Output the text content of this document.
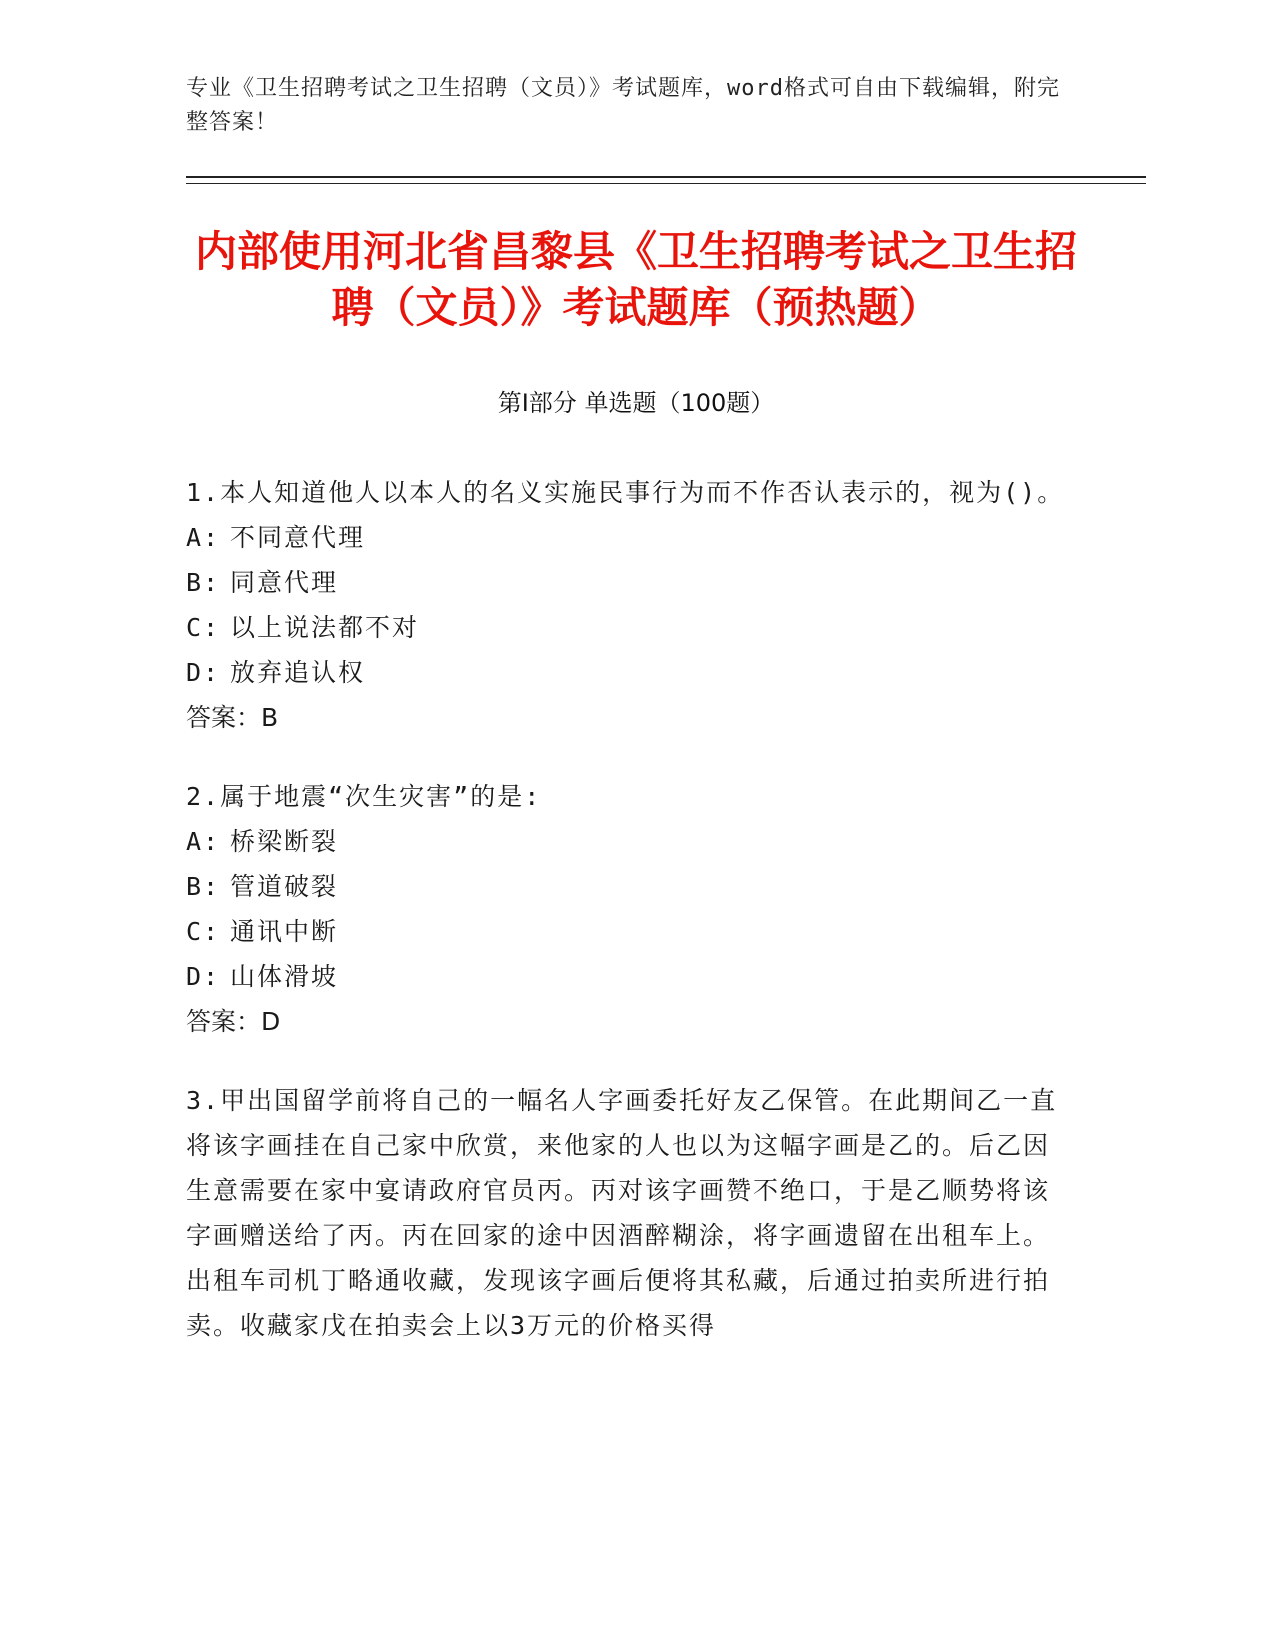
专业《卫生招聘考试之卫生招聘（文员）》考试题库，word格式可自由下载编辑，附完整答案！
内部使用河北省昌黎县《卫生招聘考试之卫生招聘（文员）》考试题库（预热题）
第Ⅰ部分 单选题（100题）
1.本人知道他人以本人的名义实施民事行为而不作否认表示的，视为()。
A: 不同意代理
B: 同意代理
C: 以上说法都不对
D: 放弃追认权
答案：B
2.属于地震“次生灾害”的是:
A: 桥梁断裂
B: 管道破裂
C: 通讯中断
D: 山体滑坡
答案：D
3.甲出国留学前将自己的一幅名人字画委托好友乙保管。在此期间乙一直将该字画挂在自己家中欣赏，来他家的人也以为这幅字画是乙的。后乙因生意需要在家中宴请政府官员丙。丙对该字画赞不绝口，于是乙顺势将该字画赠送给了丙。丙在回家的途中因酒醉糊涂，将字画遗留在出租车上。出租车司机丁略通收藏，发现该字画后便将其私藏，后通过拍卖所进行拍卖。收藏家戊在拍卖会上以3万元的价格买得
